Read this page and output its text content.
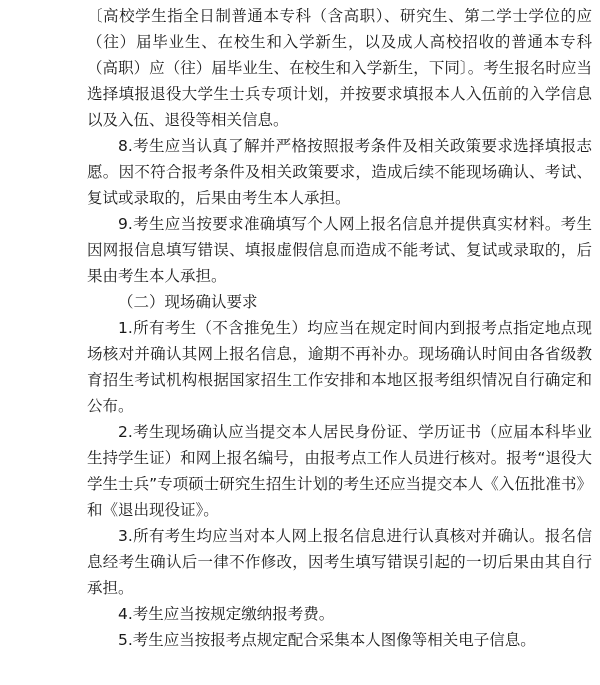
〔高校学生指全日制普通本专科（含高职）、研究生、第二学士学位的应（往）届毕业生、在校生和入学新生，以及成人高校招收的普通本专科（高职）应（往）届毕业生、在校生和入学新生，下同〕。考生报名时应当选择填报退役大学生士兵专项计划，并按要求填报本人入伍前的入学信息以及入伍、退役等相关信息。

8.考生应当认真了解并严格按照报考条件及相关政策要求选择填报志愿。因不符合报考条件及相关政策要求，造成后续不能现场确认、考试、复试或录取的，后果由考生本人承担。

9.考生应当按要求准确填写个人网上报名信息并提供真实材料。考生因网报信息填写错误、填报虚假信息而造成不能考试、复试或录取的，后果由考生本人承担。

（二）现场确认要求

1.所有考生（不含推免生）均应当在规定时间内到报考点指定地点现场核对并确认其网上报名信息，逾期不再补办。现场确认时间由各省级教育招生考试机构根据国家招生工作安排和本地区报考组织情况自行确定和公布。

2.考生现场确认应当提交本人居民身份证、学历证书（应届本科毕业生持学生证）和网上报名编号，由报考点工作人员进行核对。报考“退役大学生士兵”专项硕士研究生招生计划的考生还应当提交本人《入伍批准书》和《退出现役证》。

3.所有考生均应当对本人网上报名信息进行认真核对并确认。报名信息经考生确认后一律不作修改，因考生填写错误引起的一切后果由其自行承担。

4.考生应当按规定缴纳报考费。

5.考生应当按报考点规定配合采集本人图像等相关电子信息。
